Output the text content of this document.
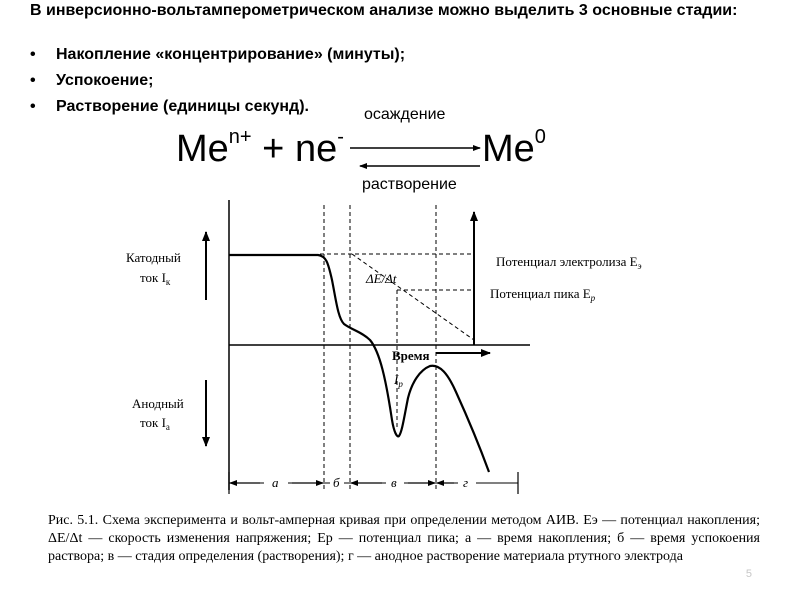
В инверсионно-вольтамперометрическом анализе можно выделить 3 основные стадии:
• Накопление «концентрирование» (минуты);
• Успокоение;
• Растворение (единицы секунд).
$Me^{n+} + ne^-$	Me$^0$
осаждение
растворение
Катодный
ток $I_к$
Анодный
ток $I_а$
Время
ΔE/Δt
Потенциал электролиза $E_э$
Потенциал пика $E_р$
$I_р$
а	б	в	г
Рис. 5.1. Схема эксперимента и вольт-амперная кривая при определении методом АИВ. Еэ — потенциал накопления; ΔE/Δt — скорость изменения напряжения; Ер — потенциал пика; а — время накопления; б — время успокоения раствора; в — стадия определения (растворения); г — анодное растворение материала ртутного электрода
5
